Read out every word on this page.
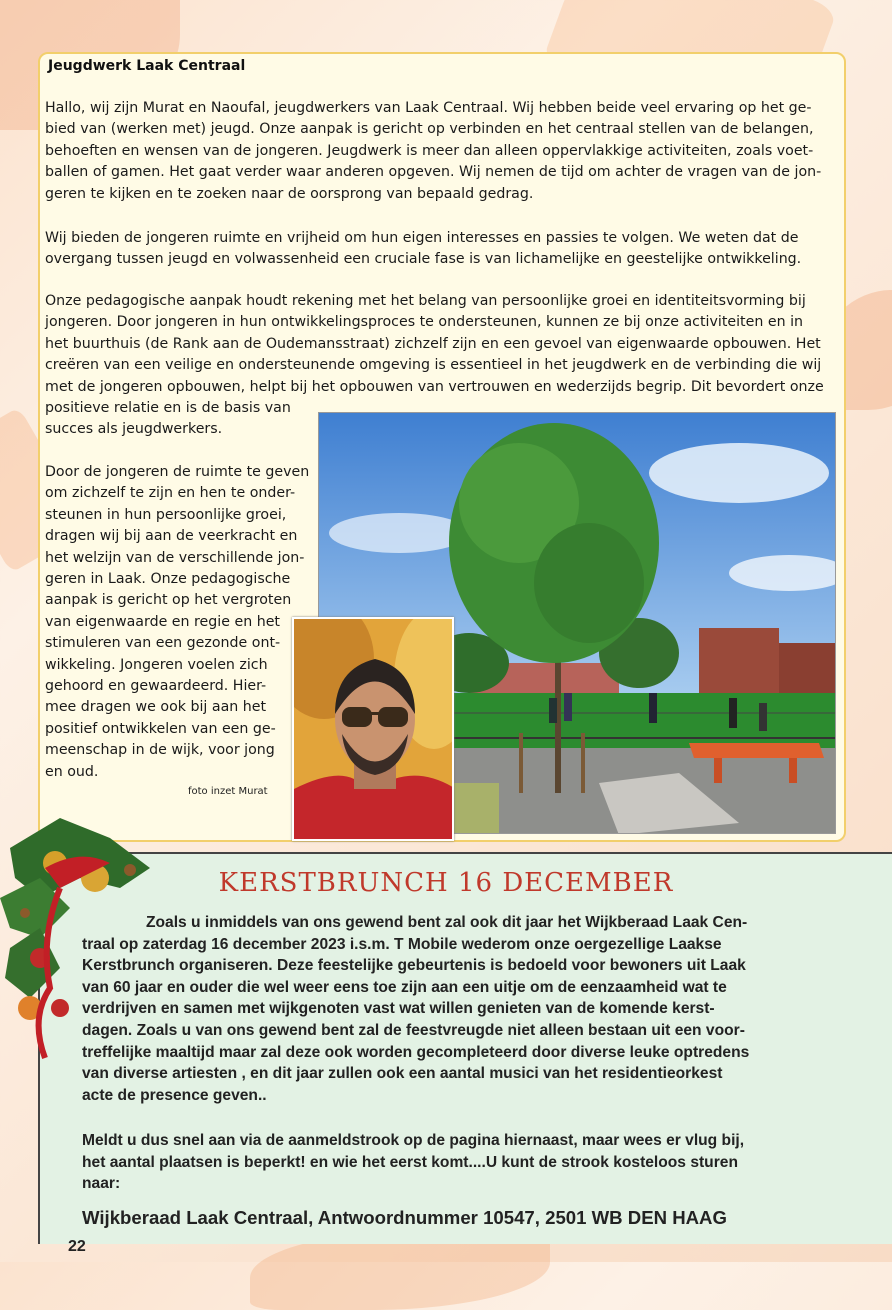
Jeugdwerk Laak Centraal
Hallo, wij zijn Murat en Naoufal, jeugdwerkers van Laak Centraal. Wij hebben beide veel ervaring op het ge-
bied van (werken met) jeugd. Onze aanpak is gericht op verbinden en het centraal stellen van de belangen,
behoeften en wensen van de jongeren. Jeugdwerk is meer dan alleen oppervlakkige activiteiten, zoals voet-
ballen of gamen. Het gaat verder waar anderen opgeven. Wij nemen de tijd om achter de vragen van de jon-
geren te kijken en te zoeken naar de oorsprong van bepaald gedrag.
Wij bieden de jongeren ruimte en vrijheid om hun eigen interesses en passies te volgen. We weten dat de
overgang tussen jeugd en volwassenheid een cruciale fase is van lichamelijke en geestelijke ontwikkeling.
Onze pedagogische aanpak houdt rekening met het belang van persoonlijke groei en identiteitsvorming bij
jongeren. Door jongeren in hun ontwikkelingsproces te ondersteunen, kunnen ze bij onze activiteiten en in
het buurthuis (de Rank aan de Oudemansstraat) zichzelf zijn en een gevoel van eigenwaarde opbouwen. Het
creëren van een veilige en ondersteunende omgeving is essentieel in het jeugdwerk en de verbinding die wij
met de jongeren opbouwen, helpt bij het opbouwen van vertrouwen en wederzijds begrip. Dit bevordert onze
positieve relatie en is de basis van
succes als jeugdwerkers.
Door de jongeren de ruimte te geven
om zichzelf te zijn en hen te onder-
steunen in hun persoonlijke groei,
dragen wij bij aan de veerkracht en
het welzijn van de verschillende jon-
geren in Laak. Onze pedagogische
aanpak is gericht op het vergroten
van eigenwaarde en regie en het
stimuleren van een gezonde ont-
wikkeling. Jongeren voelen zich
gehoord en gewaardeerd. Hier-
mee dragen we ook bij aan het
positief ontwikkelen van een ge-
meenschap in de wijk, voor jong
en oud.
foto inzet Murat
KERSTBRUNCH 16 DECEMBER
Zoals u inmiddels van ons gewend bent zal ook dit jaar het Wijkberaad Laak Cen-
traal op zaterdag 16 december 2023 i.s.m. T Mobile wederom onze oergezellige Laakse
Kerstbrunch organiseren. Deze feestelijke gebeurtenis is bedoeld voor bewoners uit Laak
van 60 jaar en ouder die wel weer eens toe zijn aan een uitje om de eenzaamheid wat te
verdrijven en samen met wijkgenoten vast wat willen genieten van de komende kerst-
dagen. Zoals u van ons gewend bent zal de feestvreugde niet alleen bestaan uit een voor-
treffelijke maaltijd maar zal deze ook worden gecompleteerd door diverse leuke optredens
van diverse artiesten , en dit jaar zullen ook een aantal musici van het residentieorkest
acte de presence geven..
Meldt u dus snel aan via de aanmeldstrook op de pagina hiernaast, maar wees er vlug bij,
het aantal plaatsen is beperkt! en wie het eerst komt....U kunt de strook kosteloos sturen
naar:
Wijkberaad Laak Centraal, Antwoordnummer 10547, 2501 WB DEN HAAG
22
